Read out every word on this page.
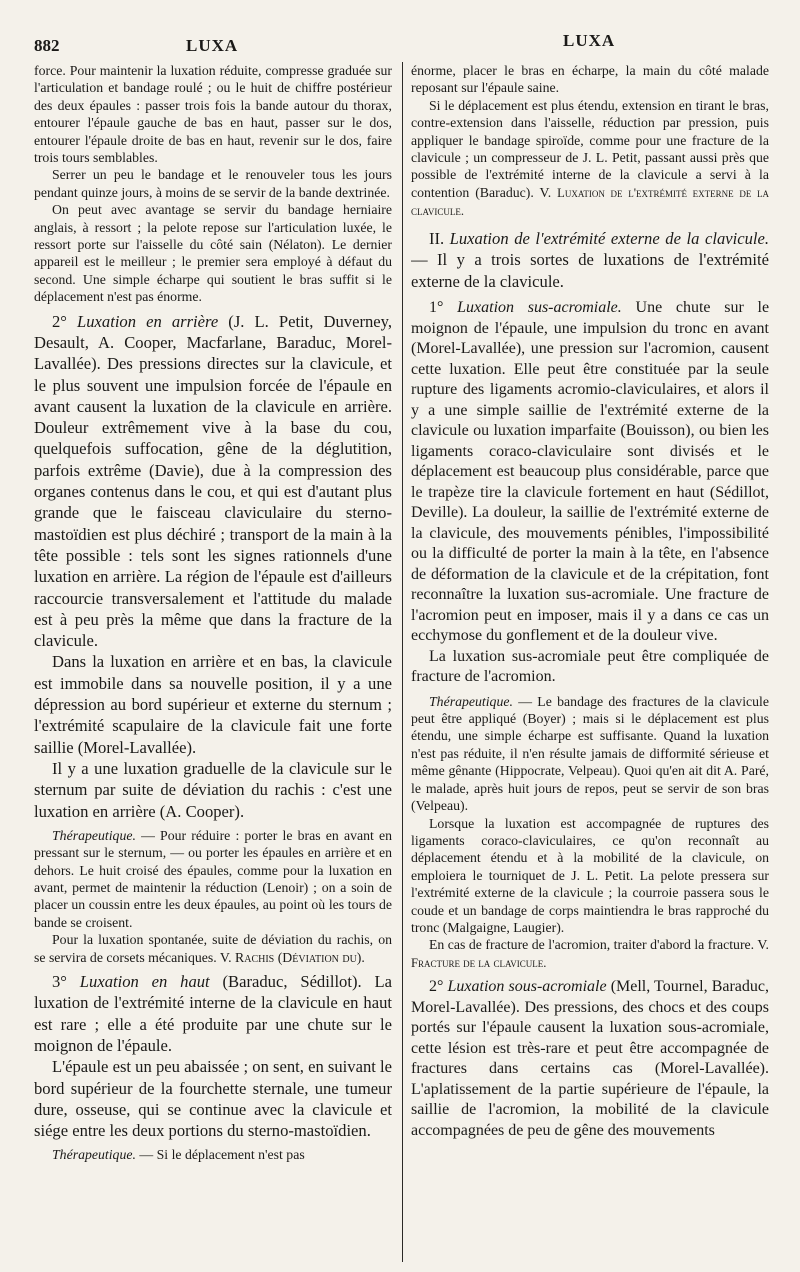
882	LUXA	LUXA

force. Pour maintenir la luxation réduite, compresse graduée sur l'articulation et bandage roulé ; ou le huit de chiffre postérieur des deux épaules : passer trois fois la bande autour du thorax, entourer l'épaule gauche de bas en haut, passer sur le dos, entourer l'épaule droite de bas en haut, revenir sur le dos, faire trois tours semblables.

Serrer un peu le bandage et le renouveler tous les jours pendant quinze jours, à moins de se servir de la bande dextrinée.

On peut avec avantage se servir du bandage herniaire anglais, à ressort ; la pelote repose sur l'articulation luxée, le ressort porte sur l'aisselle du côté sain (Nélaton). Le dernier appareil est le meilleur ; le premier sera employé à défaut du second. Une simple écharpe qui soutient le bras suffit si le déplacement n'est pas énorme.

2° Luxation en arrière (J. L. Petit, Duverney, Desault, A. Cooper, Macfarlane, Baraduc, Morel-Lavallée). Des pressions directes sur la clavicule, et le plus souvent une impulsion forcée de l'épaule en avant causent la luxation de la clavicule en arrière. Douleur extrêmement vive à la base du cou, quelquefois suffocation, gêne de la déglutition, parfois extrême (Davie), due à la compression des organes contenus dans le cou, et qui est d'autant plus grande que le faisceau claviculaire du sterno-mastoïdien est plus déchiré ; transport de la main à la tête possible : tels sont les signes rationnels d'une luxation en arrière. La région de l'épaule est d'ailleurs raccourcie transversalement et l'attitude du malade est à peu près la même que dans la fracture de la clavicule.

Dans la luxation en arrière et en bas, la clavicule est immobile dans sa nouvelle position, il y a une dépression au bord supérieur et externe du sternum ; l'extrémité scapulaire de la clavicule fait une forte saillie (Morel-Lavallée).

Il y a une luxation graduelle de la clavicule sur le sternum par suite de déviation du rachis : c'est une luxation en arrière (A. Cooper).

Thérapeutique. — Pour réduire : porter le bras en avant en pressant sur le sternum, — ou porter les épaules en arrière et en dehors. Le huit croisé des épaules, comme pour la luxation en avant, permet de maintenir la réduction (Lenoir) ; on a soin de placer un coussin entre les deux épaules, au point où les tours de bande se croisent.

Pour la luxation spontanée, suite de déviation du rachis, on se servira de corsets mécaniques. V. Rachis (Déviation du).

3° Luxation en haut (Baraduc, Sédillot). La luxation de l'extrémité interne de la clavicule en haut est rare ; elle a été produite par une chute sur le moignon de l'épaule.

L'épaule est un peu abaissée ; on sent, en suivant le bord supérieur de la fourchette sternale, une tumeur dure, osseuse, qui se continue avec la clavicule et siége entre les deux portions du sterno-mastoïdien.

Thérapeutique. — Si le déplacement n'est pas

énorme, placer le bras en écharpe, la main du côté malade reposant sur l'épaule saine.

Si le déplacement est plus étendu, extension en tirant le bras, contre-extension dans l'aisselle, réduction par pression, puis appliquer le bandage spiroïde, comme pour une fracture de la clavicule ; un compresseur de J. L. Petit, passant aussi près que possible de l'extrémité interne de la clavicule a servi à la contention (Baraduc). V. Luxation de l'extrémité externe de la clavicule.

II. Luxation de l'extrémité externe de la clavicule. — Il y a trois sortes de luxations de l'extrémité externe de la clavicule.

1° Luxation sus-acromiale. Une chute sur le moignon de l'épaule, une impulsion du tronc en avant (Morel-Lavallée), une pression sur l'acromion, causent cette luxation. Elle peut être constituée par la seule rupture des ligaments acromio-claviculaires, et alors il y a une simple saillie de l'extrémité externe de la clavicule ou luxation imparfaite (Bouisson), ou bien les ligaments coraco-claviculaire sont divisés et le déplacement est beaucoup plus considérable, parce que le trapèze tire la clavicule fortement en haut (Sédillot, Deville). La douleur, la saillie de l'extrémité externe de la clavicule, des mouvements pénibles, l'impossibilité ou la difficulté de porter la main à la tête, en l'absence de déformation de la clavicule et de la crépitation, font reconnaître la luxation sus-acromiale. Une fracture de l'acromion peut en imposer, mais il y a dans ce cas un ecchymose du gonflement et de la douleur vive.

La luxation sus-acromiale peut être compliquée de fracture de l'acromion.

Thérapeutique. — Le bandage des fractures de la clavicule peut être appliqué (Boyer) ; mais si le déplacement est plus étendu, une simple écharpe est suffisante. Quand la luxation n'est pas réduite, il n'en résulte jamais de difformité sérieuse et même gênante (Hippocrate, Velpeau). Quoi qu'en ait dit A. Paré, le malade, après huit jours de repos, peut se servir de son bras (Velpeau).

Lorsque la luxation est accompagnée de ruptures des ligaments coraco-claviculaires, ce qu'on reconnaît au déplacement étendu et à la mobilité de la clavicule, on emploiera le tourniquet de J. L. Petit. La pelote pressera sur l'extrémité externe de la clavicule ; la courroie passera sous le coude et un bandage de corps maintiendra le bras rapproché du tronc (Malgaigne, Laugier).

En cas de fracture de l'acromion, traiter d'abord la fracture. V. Fracture de la clavicule.

2° Luxation sous-acromiale (Mell, Tournel, Baraduc, Morel-Lavallée). Des pressions, des chocs et des coups portés sur l'épaule causent la luxation sous-acromiale, cette lésion est très-rare et peut être accompagnée de fractures dans certains cas (Morel-Lavallée). L'aplatissement de la partie supérieure de l'épaule, la saillie de l'acromion, la mobilité de la clavicule accompagnées de peu de gêne des mouvements
